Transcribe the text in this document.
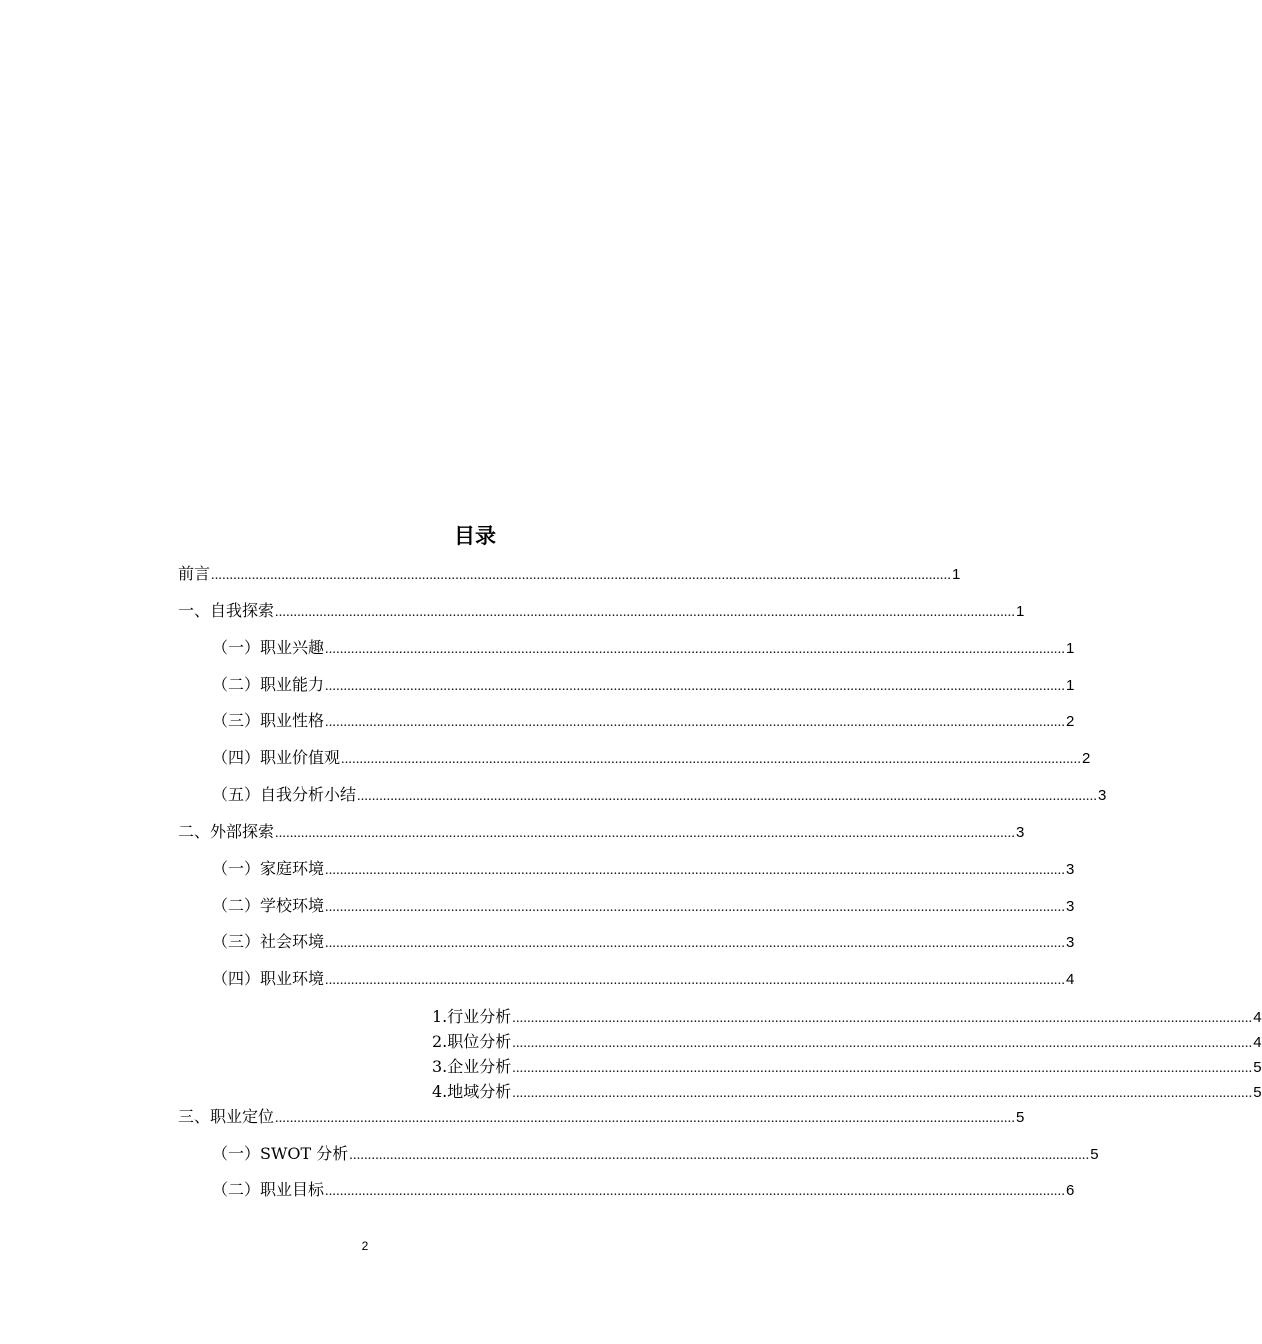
目录
前言 ........................................................................................................................................................................................................ 1
一、自我探索 ........................................................................................................................................................................................................ 1
（一）职业兴趣 ........................................................................................................................................................................................................ 1
（二）职业能力 ........................................................................................................................................................................................................ 1
（三）职业性格 ........................................................................................................................................................................................................ 2
（四）职业价值观 ........................................................................................................................................................................................................ 2
（五）自我分析小结 ........................................................................................................................................................................................................ 3
二、外部探索 ........................................................................................................................................................................................................ 3
（一）家庭环境 ........................................................................................................................................................................................................ 3
（二）学校环境 ........................................................................................................................................................................................................ 3
（三）社会环境 ........................................................................................................................................................................................................ 3
（四）职业环境 ........................................................................................................................................................................................................ 4
1.行业分析 ........................................................................................................................................................................................................ 4
2.职位分析 ........................................................................................................................................................................................................ 4
3.企业分析 ........................................................................................................................................................................................................ 5
4.地域分析 ........................................................................................................................................................................................................ 5
三、职业定位 ........................................................................................................................................................................................................ 5
（一）SWOT 分析 ........................................................................................................................................................................................................ 5
（二）职业目标 ........................................................................................................................................................................................................ 6
2
